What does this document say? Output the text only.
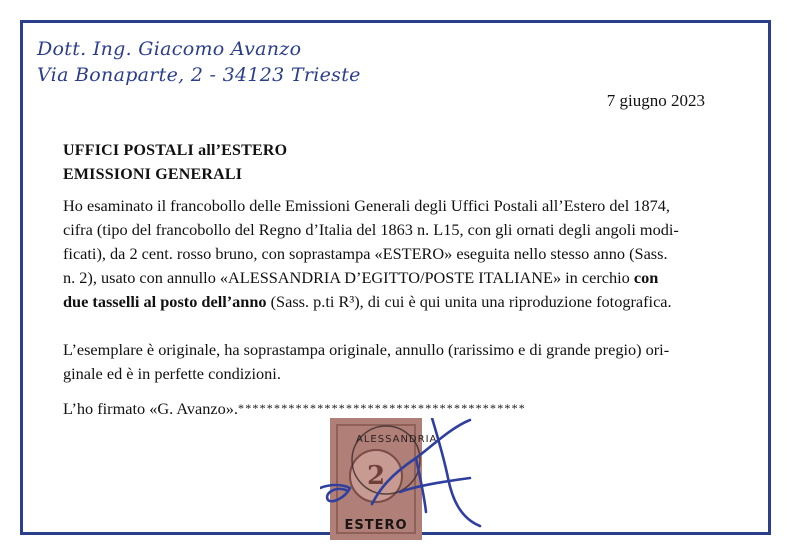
Dott. Ing. Giacomo Avanzo
Via Bonaparte, 2 - 34123 Trieste
7 giugno 2023
UFFICI POSTALI all’ESTERO
EMISSIONI GENERALI
Ho esaminato il francobollo delle Emissioni Generali degli Uffici Postali all’Estero del 1874,
cifra (tipo del francobollo del Regno d’Italia del 1863 n. L15, con gli ornati degli angoli modi-
ficati), da 2 cent. rosso bruno, con soprastampa «ESTERO» eseguita nello stesso anno (Sass.
n. 2), usato con annullo «ALESSANDRIA D’EGITTO/POSTE ITALIANE» in cerchio con
due tasselli al posto dell’anno (Sass. p.ti R³), di cui è qui unita una riproduzione fotografica.
L’esemplare è originale, ha soprastampa originale, annullo (rarissimo e di grande pregio) ori-
ginale ed è in perfette condizioni.
L’ho firmato «G. Avanzo».****************************************
2
ALESSANDRIA
ESTERO
